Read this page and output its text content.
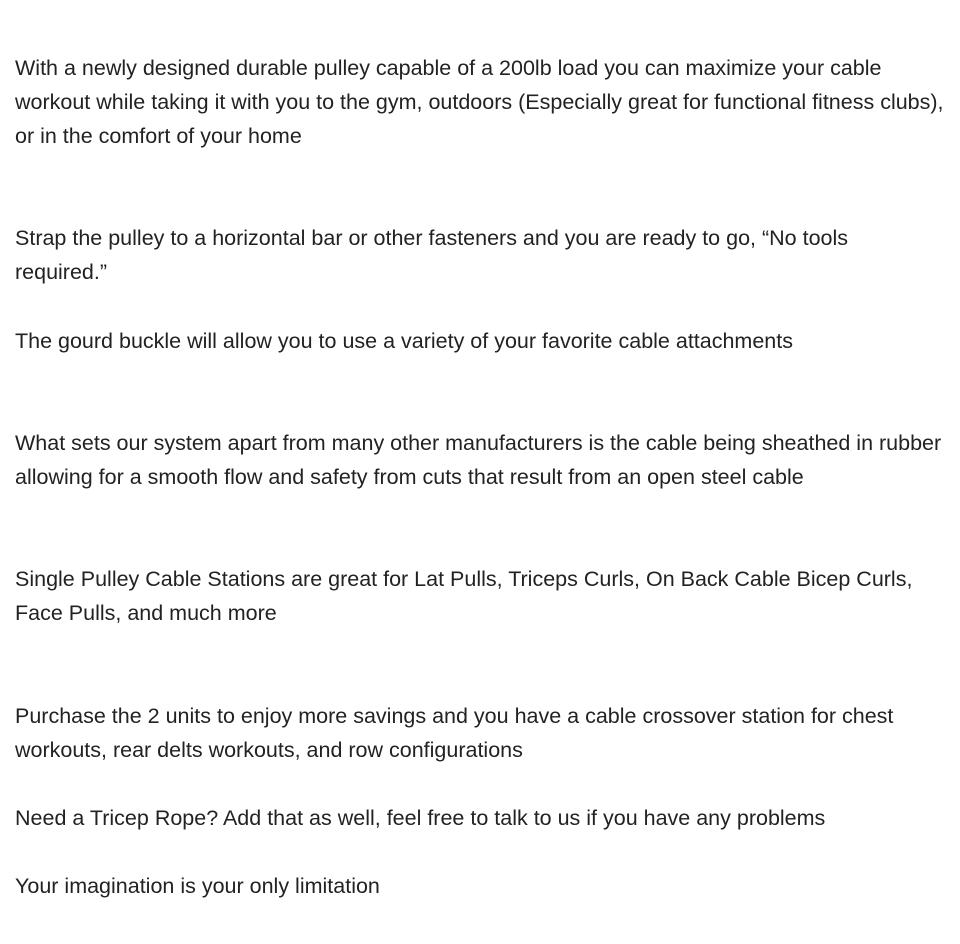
With a newly designed durable pulley capable of a 200lb load you can maximize your cable workout while taking it with you to the gym, outdoors (Especially great for functional fitness clubs), or in the comfort of your home

Strap the pulley to a horizontal bar or other fasteners and you are ready to go, “No tools required.”

The gourd buckle will allow you to use a variety of your favorite cable attachments

What sets our system apart from many other manufacturers is the cable being sheathed in rubber allowing for a smooth flow and safety from cuts that result from an open steel cable

Single Pulley Cable Stations are great for Lat Pulls, Triceps Curls, On Back Cable Bicep Curls, Face Pulls, and much more

Purchase the 2 units to enjoy more savings and you have a cable crossover station for chest workouts, rear delts workouts, and row configurations

Need a Tricep Rope? Add that as well, feel free to talk to us if you have any problems

Your imagination is your only limitation
